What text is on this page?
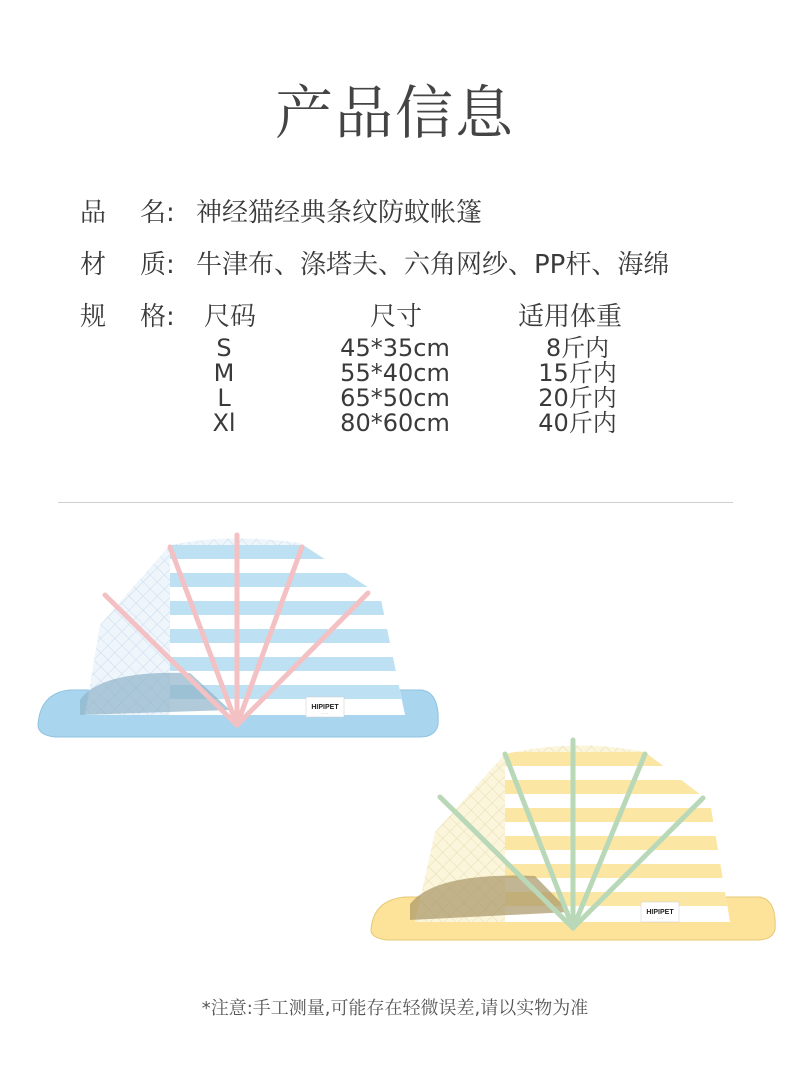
产品信息
品 名: 神经猫经典条纹防蚊帐篷
材 质: 牛津布、涤塔夫、六角网纱、PP杆、海绵
规 格:	尺码	尺寸	适用体重
S	45*35cm	8斤内
M	55*40cm	15斤内
L	65*50cm	20斤内
Xl	80*60cm	40斤内
HIPIPET
· · ·
HIPIPET
· · ·
*注意:手工测量,可能存在轻微误差,请以实物为准
